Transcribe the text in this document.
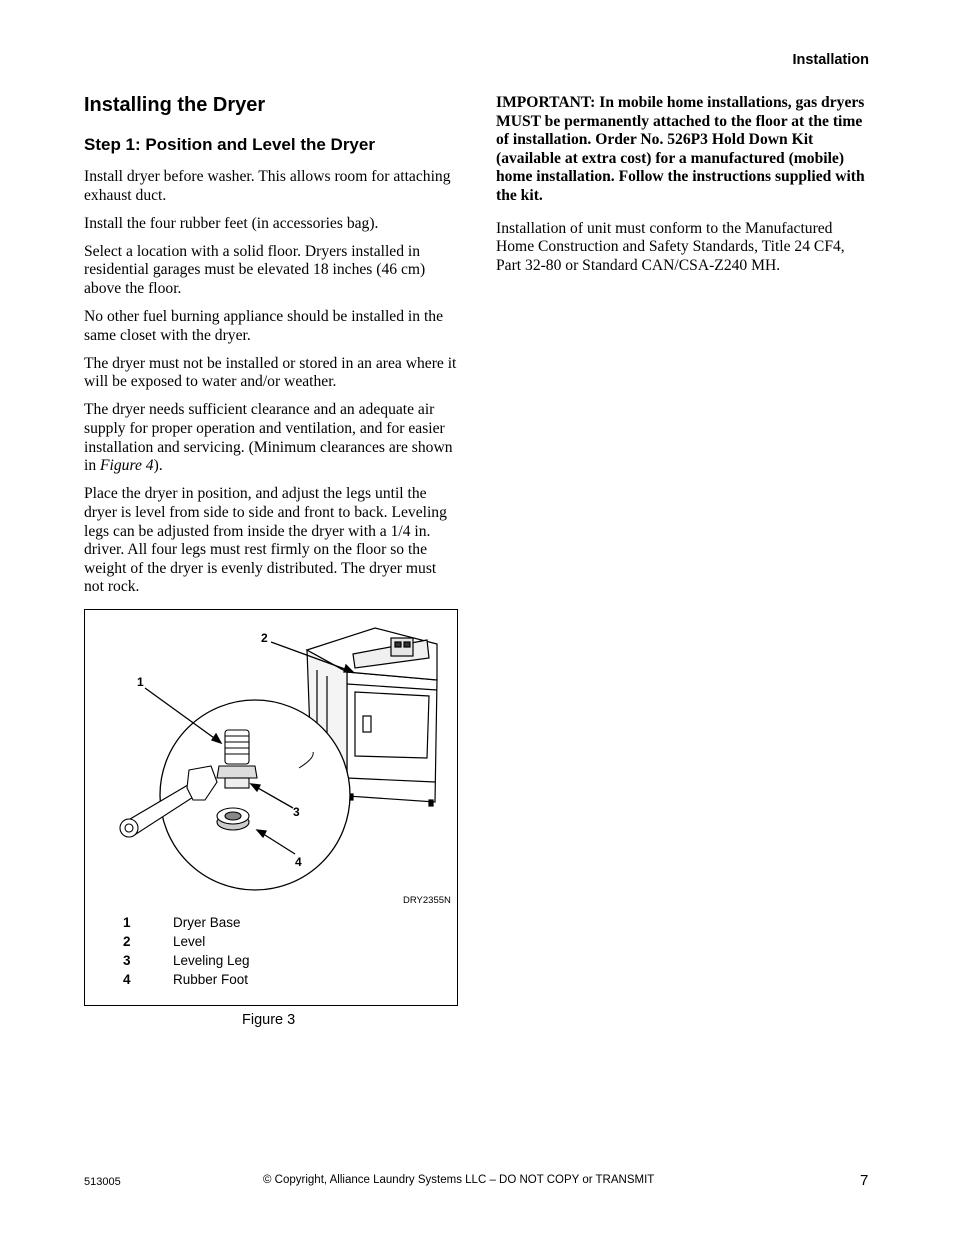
Installation
Installing the Dryer
Step 1: Position and Level the Dryer

Install dryer before washer. This allows room for attaching exhaust duct.

Install the four rubber feet (in accessories bag).

Select a location with a solid floor. Dryers installed in residential garages must be elevated 18 inches (46 cm) above the floor.

No other fuel burning appliance should be installed in the same closet with the dryer.

The dryer must not be installed or stored in an area where it will be exposed to water and/or weather.

The dryer needs sufficient clearance and an adequate air supply for proper operation and ventilation, and for easier installation and servicing. (Minimum clearances are shown in Figure 4).

Place the dryer in position, and adjust the legs until the dryer is level from side to side and front to back. Leveling legs can be adjusted from inside the dryer with a 1/4 in. driver. All four legs must rest firmly on the floor so the weight of the dryer is evenly distributed. The dryer must not rock.

IMPORTANT: In mobile home installations, gas dryers MUST be permanently attached to the floor at the time of installation. Order No. 526P3 Hold Down Kit (available at extra cost) for a manufactured (mobile) home installation. Follow the instructions supplied with the kit.

Installation of unit must conform to the Manufactured Home Construction and Safety Standards, Title 24 CF4, Part 32-80 or Standard CAN/CSA-Z240 MH.

1
2
3
4
DRY2355N
1	Dryer Base
2	Level
3	Leveling Leg
4	Rubber Foot
Figure 3
513005	© Copyright, Alliance Laundry Systems LLC – DO NOT COPY or TRANSMIT	7
